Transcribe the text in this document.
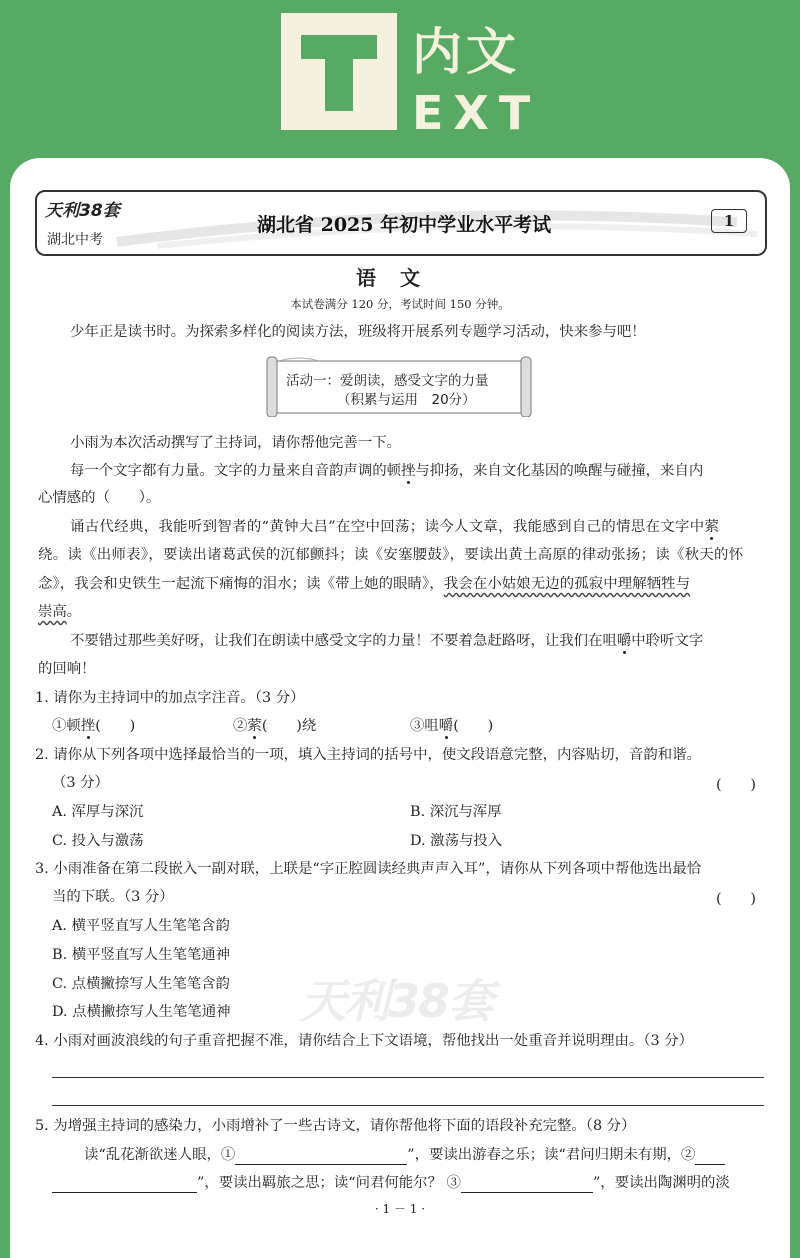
内文
EXT
天利38套
湖北中考
湖北省 2025 年初中学业水平考试	1
语文
本试卷满分 120 分，考试时间 150 分钟。
少年正是读书时。为探索多样化的阅读方法，班级将开展系列专题学习活动，快来参与吧！
活动一：爱朗读，感受文字的力量
（积累与运用　20分）
小雨为本次活动撰写了主持词，请你帮他完善一下。
每一个文字都有力量。文字的力量来自音韵声调的顿挫与抑扬，来自文化基因的唤醒与碰撞，来自内
心情感的（　　）。
诵古代经典，我能听到智者的“黄钟大吕”在空中回荡；读今人文章，我能感到自己的情思在文字中萦
绕。读《出师表》，要读出诸葛武侯的沉郁颤抖；读《安塞腰鼓》，要读出黄土高原的律动张扬；读《秋天的怀
念》，我会和史铁生一起流下痛悔的泪水；读《带上她的眼睛》，我会在小姑娘无边的孤寂中理解牺牲与
崇高。
不要错过那些美好呀，让我们在朗读中感受文字的力量！不要着急赶路呀，让我们在咀嚼中聆听文字
的回响！
1. 请你为主持词中的加点字注音。（3 分）
①顿挫(　　)	②萦(　　)绕	③咀嚼(　　)
2. 请你从下列各项中选择最恰当的一项，填入主持词的括号中，使文段语意完整，内容贴切，音韵和谐。
（3 分）	(　　)
A. 浑厚与深沉	B. 深沉与浑厚
C. 投入与激荡	D. 激荡与投入
3. 小雨准备在第二段嵌入一副对联，上联是“字正腔圆读经典声声入耳”，请你从下列各项中帮他选出最恰
当的下联。（3 分）	(　　)
A. 横平竖直写人生笔笔含韵
B. 横平竖直写人生笔笔通神
C. 点横撇捺写人生笔笔含韵
D. 点横撇捺写人生笔笔通神 天利38套
4. 小雨对画波浪线的句子重音把握不准，请你结合上下文语境，帮他找出一处重音并说明理由。（3 分）
5. 为增强主持词的感染力，小雨增补了一些古诗文，请你帮他将下面的语段补充完整。（8 分）
读“乱花渐欲迷人眼，①	”，要读出游春之乐；读“君问归期未有期，②
”，要读出羁旅之思；读“问君何能尔？ ③	”，要读出陶渊明的淡
· 1 － 1 ·
